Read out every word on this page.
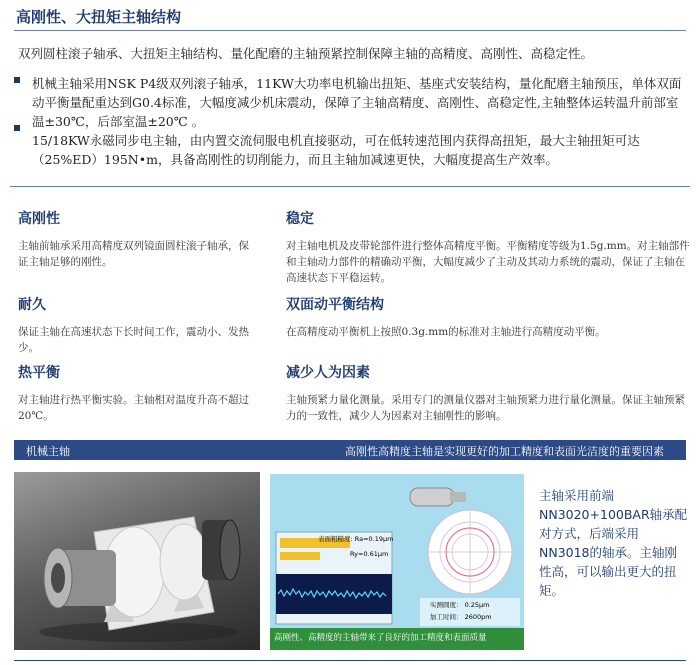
高刚性、大扭矩主轴结构
双列圆柱滚子轴承、大扭矩主轴结构、量化配磨的主轴预紧控制保障主轴的高精度、高刚性、高稳定性。
机械主轴采用NSK P4级双列滚子轴承，11KW大功率电机输出扭矩、基座式安装结构，量化配磨主轴预压，单体双面动平衡量配重达到G0.4标准，大幅度减少机床震动，保障了主轴高精度、高刚性、高稳定性,主轴整体运转温升前部室温±30℃，后部室温±20℃ 。
15/18KW永磁同步电主轴，由内置交流伺服电机直接驱动，可在低转速范围内获得高扭矩，最大主轴扭矩可达（25%ED）195N•m，具备高刚性的切削能力，而且主轴加减速更快，大幅度提高生产效率。
高刚性

主轴前轴承采用高精度双列镜面圆柱滚子轴承，保证主轴足够的刚性。

稳定

对主轴电机及皮带轮部件进行整体高精度平衡。平衡精度等级为1.5g.mm。对主轴部件和主轴动力部件的精确动平衡，大幅度减少了主动及其动力系统的震动，保证了主轴在高速状态下平稳运转。

耐久

保证主轴在高速状态下长时间工作，震动小、发热少。

双面动平衡结构

在高精度动平衡机上按照0.3g.mm的标准对主轴进行高精度动平衡。

热平衡

对主轴进行热平衡实验。主轴相对温度升高不超过20℃。

减少人为因素

主轴预紧力量化测量。采用专门的测量仪器对主轴预紧力进行量化测量。保证主轴预紧力的一致性，减少人为因素对主轴刚性的影响。

机械主轴	高刚性高精度主轴是实现更好的加工精度和表面光洁度的重要因素
表面粗糙度: Ra=0.19μm
Ry=0.61μm
实测圆度： 0.25μm
加工时间： 2600pm
高刚性、高精度的主轴带来了良好的加工精度和表面质量
主轴采用前端NN3020+100BAR轴承配对方式，后端采用NN3018的轴承。主轴刚性高，可以输出更大的扭矩。
